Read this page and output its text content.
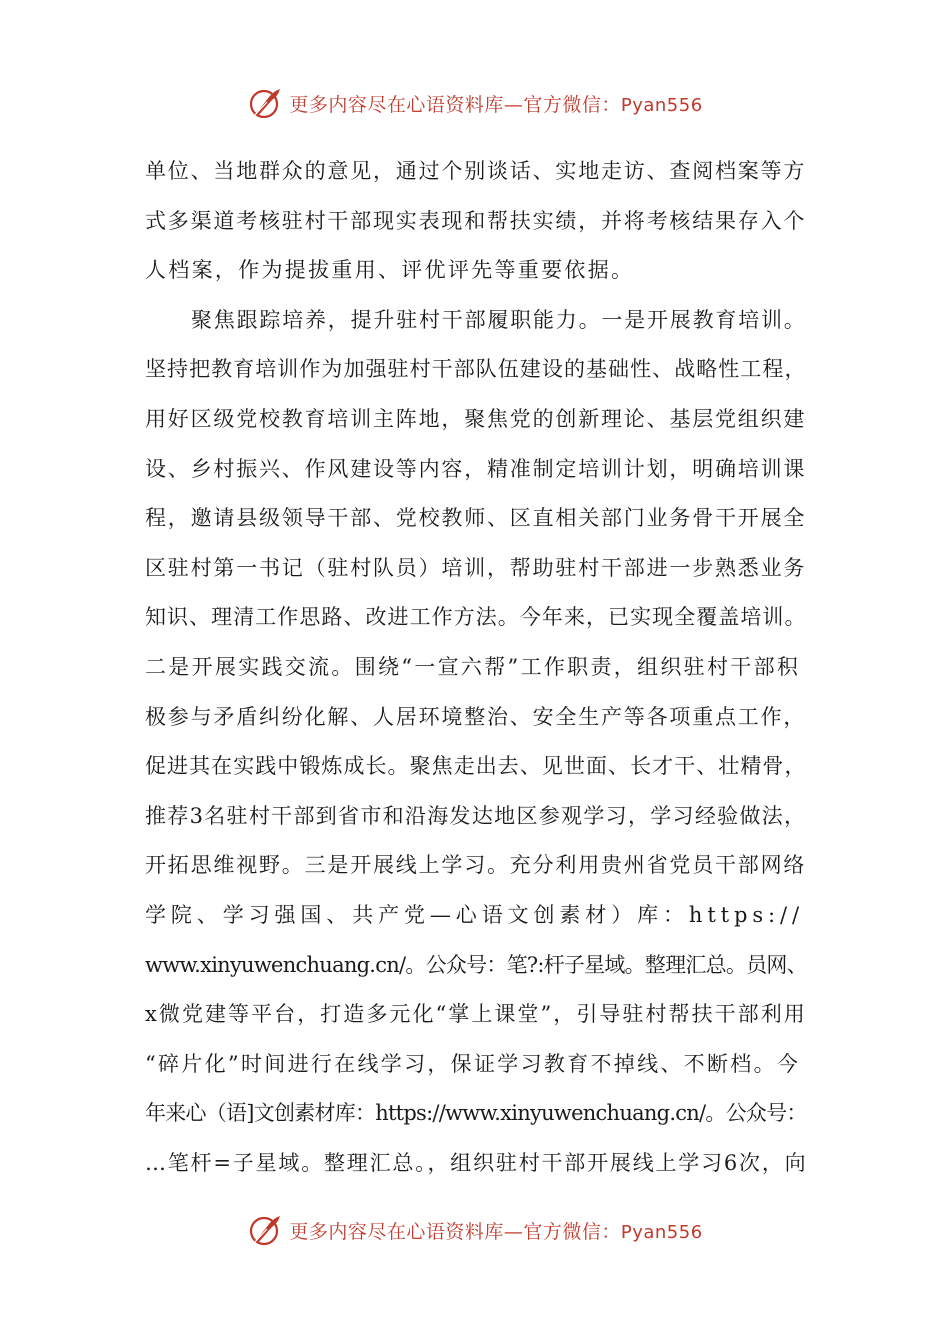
更多内容尽在心语资料库—官方微信：Pyan556
单位、当地群众的意见，通过个别谈话、实地走访、查阅档案等方
式多渠道考核驻村干部现实表现和帮扶实绩，并将考核结果存入个
人档案，作为提拔重用、评优评先等重要依据。
聚焦跟踪培养，提升驻村干部履职能力。一是开展教育培训。
坚持把教育培训作为加强驻村干部队伍建设的基础性、战略性工程，
用好区级党校教育培训主阵地，聚焦党的创新理论、基层党组织建
设、乡村振兴、作风建设等内容，精准制定培训计划，明确培训课
程，邀请县级领导干部、党校教师、区直相关部门业务骨干开展全
区驻村第一书记（驻村队员）培训，帮助驻村干部进一步熟悉业务
知识、理清工作思路、改进工作方法。今年来，已实现全覆盖培训。
二是开展实践交流。围绕“一宣六帮”工作职责，组织驻村干部积
极参与矛盾纠纷化解、人居环境整治、安全生产等各项重点工作，
促进其在实践中锻炼成长。聚焦走出去、见世面、长才干、壮精骨，
推荐3名驻村干部到省市和沿海发达地区参观学习，学习经验做法，
开拓思维视野。三是开展线上学习。充分利用贵州省党员干部网络
学院、学习强国、共产党—心语文创素材）库：https://
www.xinyuwenchuang.cn/。公众号：笔?:杆子星域。整理汇总。员网、
x微党建等平台，打造多元化“掌上课堂”，引导驻村帮扶干部利用
“碎片化”时间进行在线学习，保证学习教育不掉线、不断档。今
年来心（语]文创素材库：https://www.xinyuwenchuang.cn/。公众号：
…笔杆=子星域。整理汇总。，组织驻村干部开展线上学习6次，向
更多内容尽在心语资料库—官方微信：Pyan556
